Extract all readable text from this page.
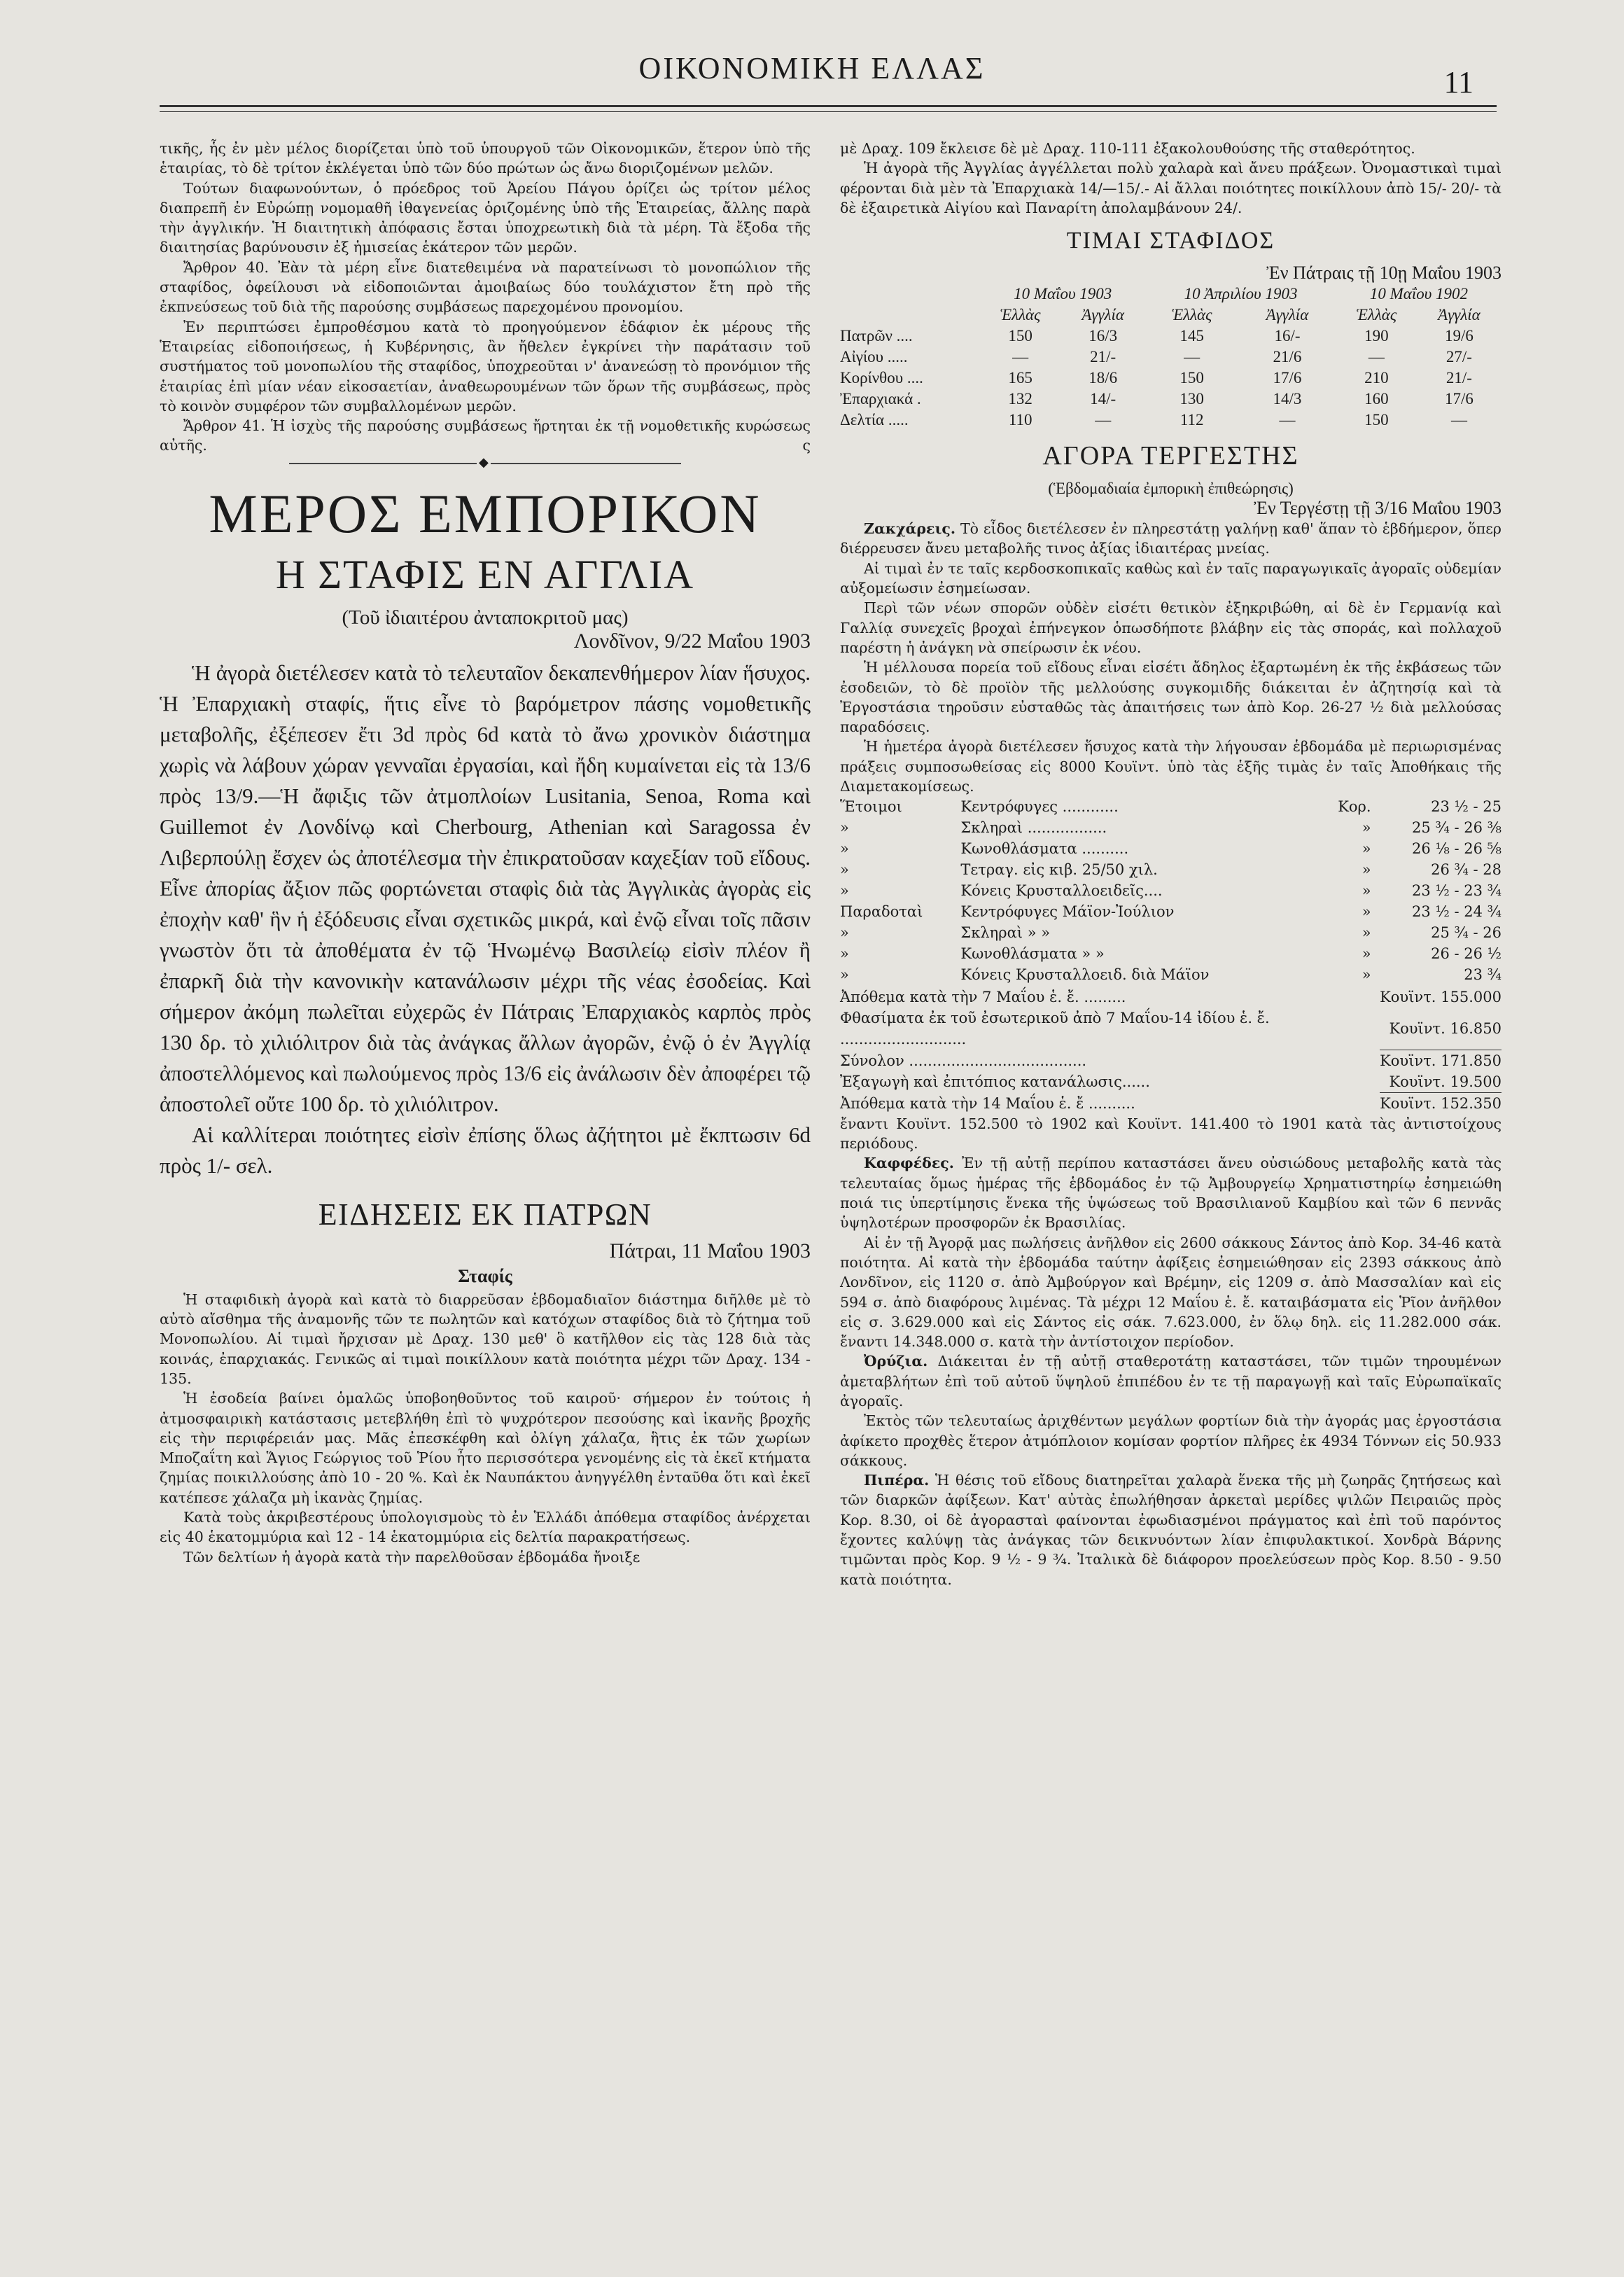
ΟΙΚΟΝΟΜΙΚΗ ΕΛΛΑΣ	11

τικῆς, ἧς ἐν μὲν μέλος διορίζεται ὑπὸ τοῦ ὑπουργοῦ τῶν Οἰκονομικῶν, ἕτερον ὑπὸ τῆς ἑταιρίας, τὸ δὲ τρίτον ἐκλέγεται ὑπὸ τῶν δύο πρώτων ὡς ἄνω διοριζομένων μελῶν.

Τούτων διαφωνούντων, ὁ πρόεδρος τοῦ Ἀρείου Πάγου ὁρίζει ὡς τρίτον μέλος διαπρεπῆ ἐν Εὐρώπῃ νομομαθῆ ἰθαγενείας ὁριζομένης ὑπὸ τῆς Ἑταιρείας, ἄλλης παρὰ τὴν ἀγγλικήν. Ἡ διαιτητικὴ ἀπόφασις ἔσται ὑποχρεωτικὴ διὰ τὰ μέρη. Τὰ ἔξοδα τῆς διαιτησίας βαρύνουσιν ἐξ ἡμισείας ἑκάτερον τῶν μερῶν.

Ἄρθρον 40. Ἐὰν τὰ μέρη εἶνε διατεθειμένα νὰ παρατείνωσι τὸ μονοπώλιον τῆς σταφίδος, ὀφείλουσι νὰ εἰδοποιῶνται ἀμοιβαίως δύο τουλάχιστον ἔτη πρὸ τῆς ἐκπνεύσεως τοῦ διὰ τῆς παρούσης συμβάσεως παρεχομένου προνομίου.

Ἐν περιπτώσει ἐμπροθέσμου κατὰ τὸ προηγούμενον ἐδάφιον ἐκ μέρους τῆς Ἑταιρείας εἰδοποιήσεως, ἡ Κυβέρνησις, ἂν ἤθελεν ἐγκρίνει τὴν παράτασιν τοῦ συστήματος τοῦ μονοπωλίου τῆς σταφίδος, ὑποχρεοῦται ν' ἀνανεώσῃ τὸ προνόμιον τῆς ἑταιρίας ἐπὶ μίαν νέαν εἰκοσαετίαν, ἀναθεωρουμένων τῶν ὅρων τῆς συμβάσεως, πρὸς τὸ κοινὸν συμφέρον τῶν συμβαλλομένων μερῶν.

Ἄρθρον 41. Ἡ ἰσχὺς τῆς παρούσης συμβάσεως ἤρτηται ἐκ τῇ νομοθετικῆς κυρώσεως αὐτῆς.	ς

◆
ΜΕΡΟΣ ΕΜΠΟΡΙΚΟΝ
Η ΣΤΑΦΙΣ ΕΝ ΑΓΓΛΙΑ
(Τοῦ ἰδιαιτέρου ἀνταποκριτοῦ μας)
Λονδῖνον, 9/22 Μαΐου 1903

Ἡ ἀγορὰ διετέλεσεν κατὰ τὸ τελευταῖον δεκαπενθήμερον λίαν ἥσυχος. Ἡ Ἐπαρχιακὴ σταφίς, ἥτις εἶνε τὸ βαρόμετρον πάσης νομοθετικῆς μεταβολῆς, ἐξέπεσεν ἔτι 3d πρὸς 6d κατὰ τὸ ἄνω χρονικὸν διάστημα χωρὶς νὰ λάβουν χώραν γενναῖαι ἐργασίαι, καὶ ἤδη κυμαίνεται εἰς τὰ 13/6 πρὸς 13/9.—Ἡ ἄφιξις τῶν ἀτμοπλοίων Lusitania, Senoa, Roma καὶ Guillemot ἐν Λονδίνῳ καὶ Cherbourg, Athenian καὶ Saragossa ἐν Λιβερπούλῃ ἔσχεν ὡς ἀποτέλεσμα τὴν ἐπικρατοῦσαν καχεξίαν τοῦ εἴδους. Εἶνε ἀπορίας ἄξιον πῶς φορτώνεται σταφὶς διὰ τὰς Ἀγγλικὰς ἀγορὰς εἰς ἐποχὴν καθ' ἣν ἡ ἐξόδευσις εἶναι σχετικῶς μικρά, καὶ ἐνῷ εἶναι τοῖς πᾶσιν γνωστὸν ὅτι τὰ ἀποθέματα ἐν τῷ Ἡνωμένῳ Βασιλείῳ εἰσὶν πλέον ἢ ἐπαρκῆ διὰ τὴν κανονικὴν κατανάλωσιν μέχρι τῆς νέας ἐσοδείας. Καὶ σήμερον ἀκόμη πωλεῖται εὐχερῶς ἐν Πάτραις Ἐπαρχιακὸς καρπὸς πρὸς 130 δρ. τὸ χιλιόλιτρον διὰ τὰς ἀνάγκας ἄλλων ἀγορῶν, ἐνῷ ὁ ἐν Ἀγγλίᾳ ἀποστελλόμενος καὶ πωλούμενος πρὸς 13/6 εἰς ἀνάλωσιν δὲν ἀποφέρει τῷ ἀποστολεῖ οὔτε 100 δρ. τὸ χιλιόλιτρον.

Αἱ καλλίτεραι ποιότητες εἰσὶν ἐπίσης ὅλως ἀζήτητοι μὲ ἔκπτωσιν 6d πρὸς 1/- σελ.

ΕΙΔΗΣΕΙΣ ΕΚ ΠΑΤΡΩΝ
Πάτραι, 11 Μαΐου 1903
Σταφίς

Ἡ σταφιδικὴ ἀγορὰ καὶ κατὰ τὸ διαρρεῦσαν ἑβδομαδιαῖον διάστημα διῆλθε μὲ τὸ αὐτὸ αἴσθημα τῆς ἀναμονῆς τῶν τε πωλητῶν καὶ κατόχων σταφίδος διὰ τὸ ζήτημα τοῦ Μονοπωλίου. Αἱ τιμαὶ ἤρχισαν μὲ Δραχ. 130 μεθ' ὃ κατῆλθον εἰς τὰς 128 διὰ τὰς κοινάς, ἐπαρχιακάς. Γενικῶς αἱ τιμαὶ ποικίλλουν κατὰ ποιότητα μέχρι τῶν Δραχ. 134 - 135.

Ἡ ἐσοδεία βαίνει ὁμαλῶς ὑποβοηθοῦντος τοῦ καιροῦ· σήμερον ἐν τούτοις ἡ ἀτμοσφαιρικὴ κατάστασις μετεβλήθη ἐπὶ τὸ ψυχρότερον πεσούσης καὶ ἱκανῆς βροχῆς εἰς τὴν περιφέρειάν μας. Μᾶς ἐπεσκέφθη καὶ ὀλίγη χάλαζα, ἣτις ἐκ τῶν χωρίων Μποζαΐτη καὶ Ἅγιος Γεώργιος τοῦ Ῥίου ἦτο περισσότερα γενομένης εἰς τὰ ἐκεῖ κτήματα ζημίας ποικιλλούσης ἀπὸ 10 - 20 %. Καὶ ἐκ Ναυπάκτου ἀνηγγέλθη ἐνταῦθα ὅτι καὶ ἐκεῖ κατέπεσε χάλαζα μὴ ἱκανὰς ζημίας.

Κατὰ τοὺς ἀκριβεστέρους ὑπολογισμοὺς τὸ ἐν Ἑλλάδι ἀπόθεμα σταφίδος ἀνέρχεται εἰς 40 ἑκατομμύρια καὶ 12 - 14 ἑκατομμύρια εἰς δελτία παρακρατήσεως.

Τῶν δελτίων ἡ ἀγορὰ κατὰ τὴν παρελθοῦσαν ἑβδομάδα ἤνοιξε

μὲ Δραχ. 109 ἔκλεισε δὲ μὲ Δραχ. 110-111 ἐξακολουθούσης τῆς σταθερότητος.

Ἡ ἀγορὰ τῆς Ἀγγλίας ἀγγέλλεται πολὺ χαλαρὰ καὶ ἄνευ πράξεων. Ὀνομαστικαὶ τιμαὶ φέρονται διὰ μὲν τὰ Ἐπαρχιακὰ 14/—15/.- Αἱ ἄλλαι ποιότητες ποικίλλουν ἀπὸ 15/- 20/- τὰ δὲ ἐξαιρετικὰ Αἰγίου καὶ Παναρίτη ἀπολαμβάνουν 24/.

ΤΙΜΑΙ ΣΤΑΦΙΔΟΣ
Ἐν Πάτραις τῇ 10ῃ Μαΐου 1903
	10 Μαΐου 1903		10 Ἀπριλίου 1903		10 Μαΐου 1902	
	Ἑλλὰς	Ἀγγλία	Ἑλλὰς	Ἀγγλία	Ἑλλὰς	Ἀγγλία
Πατρῶν ....	150	16/3	145	16/-	190	19/6
Αἰγίου .....	—	21/-	—	21/6	—	27/-
Κορίνθου ....	165	18/6	150	17/6	210	21/-
Ἐπαρχιακά .	132	14/-	130	14/3	160	17/6
Δελτία .....	110	—	112	—	150	—
ΑΓΟΡΑ ΤΕΡΓΕΣΤΗΣ
(Ἑβδομαδιαία ἐμπορικὴ ἐπιθεώρησις)
Ἐν Τεργέστῃ τῇ 3/16 Μαΐου 1903

Ζακχάρεις. Τὸ εἶδος διετέλεσεν ἐν πληρεστάτῃ γαλήνῃ καθ' ἅπαν τὸ ἑβδήμερον, ὅπερ διέρρευσεν ἄνευ μεταβολῆς τινος ἀξίας ἰδιαιτέρας μνείας.

Αἱ τιμαὶ ἐν τε ταῖς κερδοσκοπικαῖς καθὼς καὶ ἐν ταῖς παραγωγικαῖς ἀγοραῖς οὐδεμίαν αὐξομείωσιν ἐσημείωσαν.

Περὶ τῶν νέων σπορῶν οὐδὲν εἰσέτι θετικὸν ἐξηκριβώθη, αἱ δὲ ἐν Γερμανίᾳ καὶ Γαλλίᾳ συνεχεῖς βροχαὶ ἐπήνεγκον ὁπωσδήποτε βλάβην εἰς τὰς σποράς, καὶ πολλαχοῦ παρέστη ἡ ἀνάγκη νὰ σπείρωσιν ἐκ νέου.

Ἡ μέλλουσα πορεία τοῦ εἴδους εἶναι εἰσέτι ἄδηλος ἐξαρτωμένη ἐκ τῆς ἐκβάσεως τῶν ἐσοδειῶν, τὸ δὲ προϊὸν τῆς μελλούσης συγκομιδῆς διάκειται ἐν ἀζητησίᾳ καὶ τὰ Ἐργοστάσια τηροῦσιν εὐσταθῶς τὰς ἀπαιτήσεις των ἀπὸ Κορ. 26-27 ½ διὰ μελλούσας παραδόσεις.

Ἡ ἡμετέρα ἀγορὰ διετέλεσεν ἥσυχος κατὰ τὴν λήγουσαν ἑβδομάδα μὲ περιωρισμένας πράξεις συμποσωθείσας εἰς 8000 Κουϊντ. ὑπὸ τὰς ἑξῆς τιμὰς ἐν ταῖς Ἀποθήκαις τῆς Διαμετακομίσεως.

Ἕτοιμοι	Κεντρόφυγες ............	Κορ.	23 ½ - 25
»	Σκληραὶ .................	»	25 ¾ - 26 ⅜
»	Κωνοθλάσματα ..........	»	26 ⅛ - 26 ⅝
»	Τετραγ. εἰς κιβ. 25/50 χιλ.	»	26 ¾ - 28
»	Κόνεις Κρυσταλλοειδεῖς....	»	23 ½ - 23 ¾
Παραδοταὶ	Κεντρόφυγες Μάϊον-Ἰούλιον	»	23 ½ - 24 ¾
»	Σκληραὶ » »	»	25 ¾ - 26
»	Κωνοθλάσματα » »	»	26 - 26 ½
»	Κόνεις Κρυσταλλοειδ. διὰ Μάϊον	»	23 ¾
Ἀπόθεμα κατὰ τὴν 7 Μαΐου ἑ. ἔ. .........	Κουϊντ. 155.000
Φθασίματα ἐκ τοῦ ἐσωτερικοῦ ἀπὸ 7 Μαΐου-14 ἰδίου ἑ. ἔ. ...........................	Κουϊντ. 16.850
Σύνολον ......................................	Κουϊντ. 171.850
Ἐξαγωγὴ καὶ ἐπιτόπιος κατανάλωσις......	Κουϊντ. 19.500
Ἀπόθεμα κατὰ τὴν 14 Μαΐου ἑ. ἔ ..........	Κουϊντ. 152.350

ἔναντι Κουϊντ. 152.500 τὸ 1902 καὶ Κουϊντ. 141.400 τὸ 1901 κατὰ τὰς ἀντιστοίχους περιόδους.

Καφφέδες. Ἐν τῇ αὐτῇ περίπου καταστάσει ἄνευ οὐσιώδους μεταβολῆς κατὰ τὰς τελευταίας ὅμως ἡμέρας τῆς ἑβδομάδος ἐν τῷ Ἀμβουργείῳ Χρηματιστηρίῳ ἐσημειώθη ποιά τις ὑπερτίμησις ἕνεκα τῆς ὑψώσεως τοῦ Βρασιλιανοῦ Καμβίου καὶ τῶν 6 πεννᾶς ὑψηλοτέρων προσφορῶν ἐκ Βρασιλίας.

Αἱ ἐν τῇ Ἀγορᾷ μας πωλήσεις ἀνῆλθον εἰς 2600 σάκκους Σάντος ἀπὸ Κορ. 34-46 κατὰ ποιότητα. Αἱ κατὰ τὴν ἑβδομάδα ταύτην ἀφίξεις ἐσημειώθησαν εἰς 2393 σάκκους ἀπὸ Λονδῖνον, εἰς 1120 σ. ἀπὸ Ἀμβούργον καὶ Βρέμην, εἰς 1209 σ. ἀπὸ Μασσαλίαν καὶ εἰς 594 σ. ἀπὸ διαφόρους λιμένας. Τὰ μέχρι 12 Μαΐου ἑ. ἔ. καταιβάσματα εἰς Ῥῖον ἀνῆλθον εἰς σ. 3.629.000 καὶ εἰς Σάντος εἰς σάκ. 7.623.000, ἐν ὅλῳ δηλ. εἰς 11.282.000 σάκ. ἔναντι 14.348.000 σ. κατὰ τὴν ἀντίστοιχον περίοδον.

Ὀρύζια. Διάκειται ἐν τῇ αὐτῇ σταθεροτάτῃ καταστάσει, τῶν τιμῶν τηρουμένων ἀμεταβλήτων ἐπὶ τοῦ αὐτοῦ ὕψηλοῦ ἐπιπέδου ἐν τε τῇ παραγωγῇ καὶ ταῖς Εὐρωπαϊκαῖς ἀγοραῖς.

Ἐκτὸς τῶν τελευταίως ἀριχθέντων μεγάλων φορτίων διὰ τὴν ἀγοράς μας ἐργοστάσια ἀφίκετο προχθὲς ἕτερον ἀτμόπλοιον κομίσαν φορτίον πλῆρες ἐκ 4934 Τόννων εἰς 50.933 σάκκους.

Πιπέρα. Ἡ θέσις τοῦ εἴδους διατηρεῖται χαλαρὰ ἕνεκα τῆς μὴ ζωηρᾶς ζητήσεως καὶ τῶν διαρκῶν ἀφίξεων. Κατ' αὐτὰς ἐπωλήθησαν ἀρκεταὶ μερίδες ψιλῶν Πειραιῶς πρὸς Κορ. 8.30, οἱ δὲ ἀγορασταὶ φαίνονται ἐφωδιασμένοι πράγματος καὶ ἐπὶ τοῦ παρόντος ἔχοντες καλύψῃ τὰς ἀνάγκας τῶν δεικνυόντων λίαν ἐπιφυλακτικοί. Χονδρὰ Βάρνης τιμῶνται πρὸς Κορ. 9 ½ - 9 ¾. Ἰταλικὰ δὲ διάφορον προελεύσεων πρὸς Κορ. 8.50 - 9.50 κατὰ ποιότητα.
